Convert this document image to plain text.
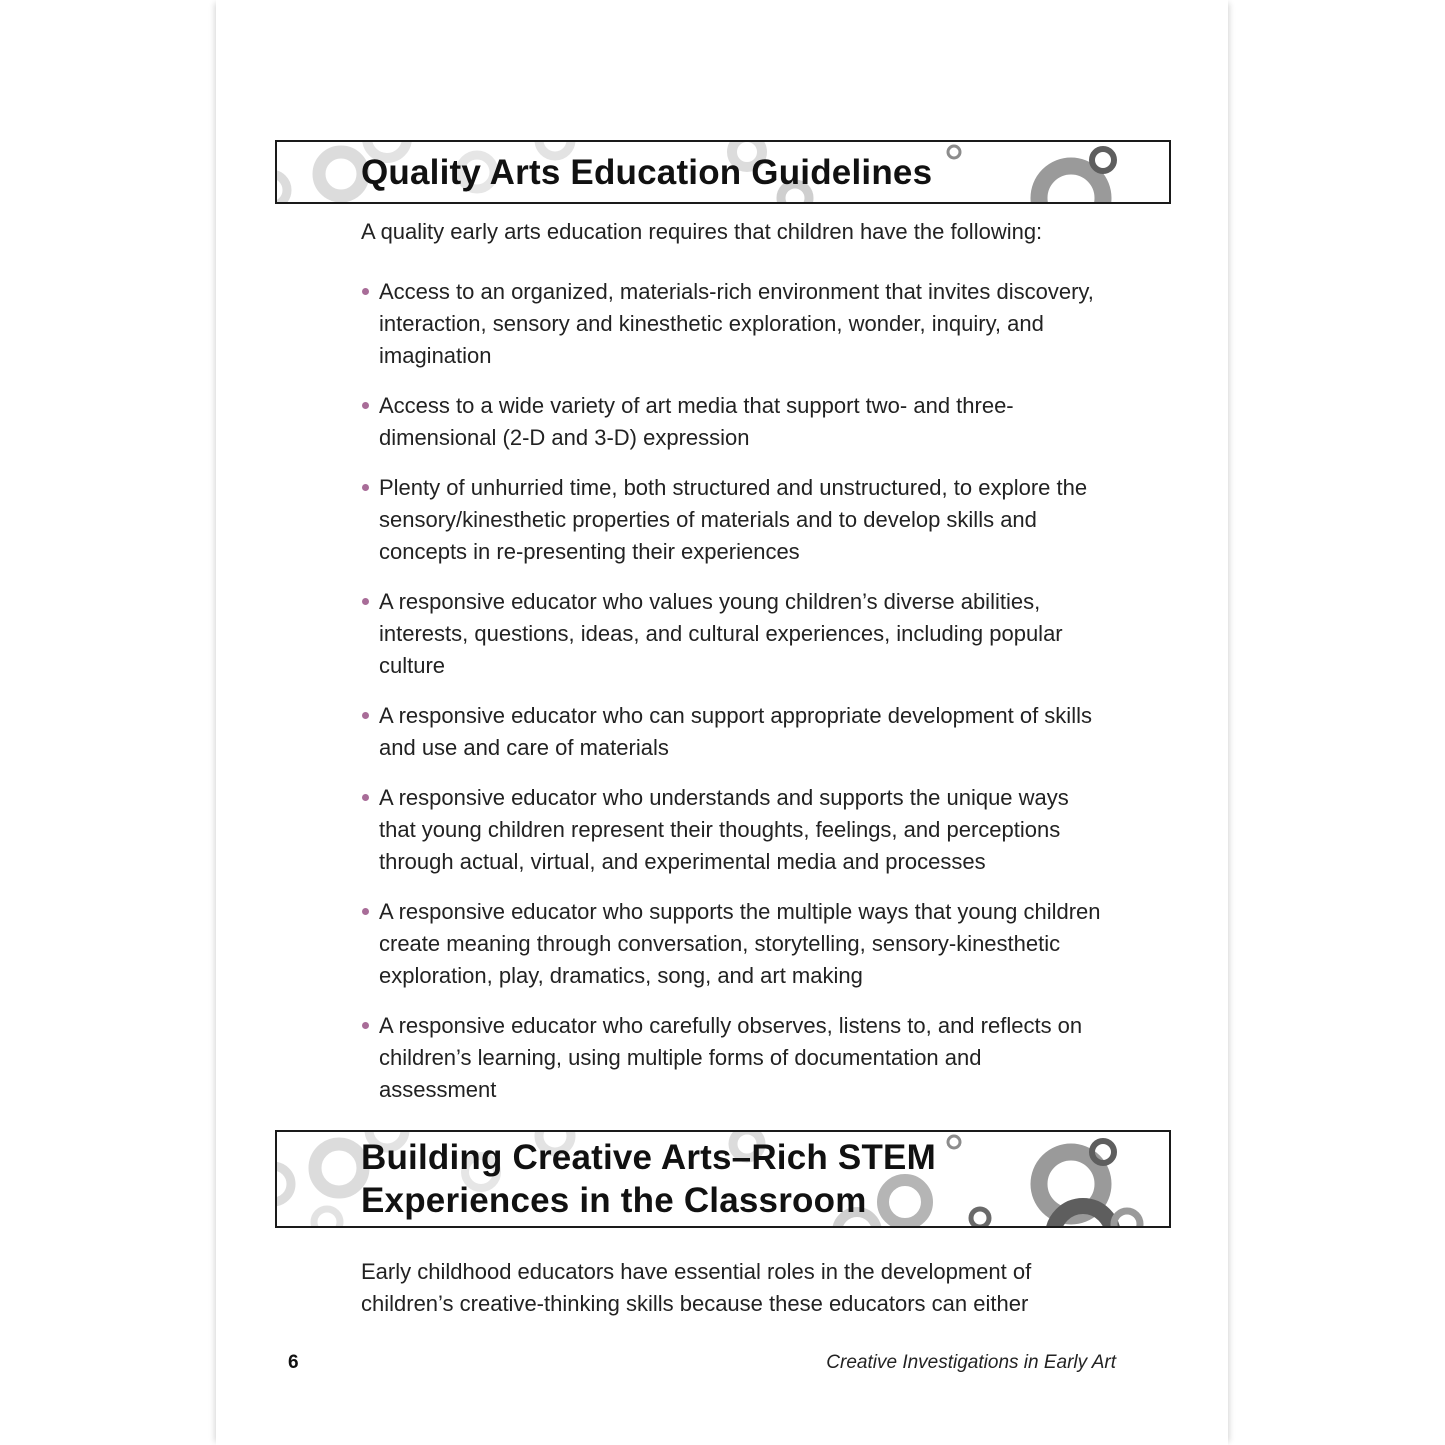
Quality Arts Education Guidelines

A quality early arts education requires that children have the following:

Access to an organized, materials-rich environment that invites discovery, interaction, sensory and kinesthetic exploration, wonder, inquiry, and imagination
Access to a wide variety of art media that support two- and three-dimensional (2-D and 3-D) expression
Plenty of unhurried time, both structured and unstructured, to explore the sensory/kinesthetic properties of materials and to develop skills and concepts in re-presenting their experiences
A responsive educator who values young children’s diverse abilities, interests, questions, ideas, and cultural experiences, including popular culture
A responsive educator who can support appropriate development of skills and use and care of materials
A responsive educator who understands and supports the unique ways that young children represent their thoughts, feelings, and perceptions through actual, virtual, and experimental media and processes
A responsive educator who supports the multiple ways that young children create meaning through conversation, storytelling, sensory-kinesthetic exploration, play, dramatics, song, and art making
A responsive educator who carefully observes, listens to, and reflects on children’s learning, using multiple forms of documentation and assessment
Building Creative Arts–Rich STEM
Experiences in the Classroom

Early childhood educators have essential roles in the development of
children’s creative-thinking skills because these educators can either

6	Creative Investigations in Early Art
